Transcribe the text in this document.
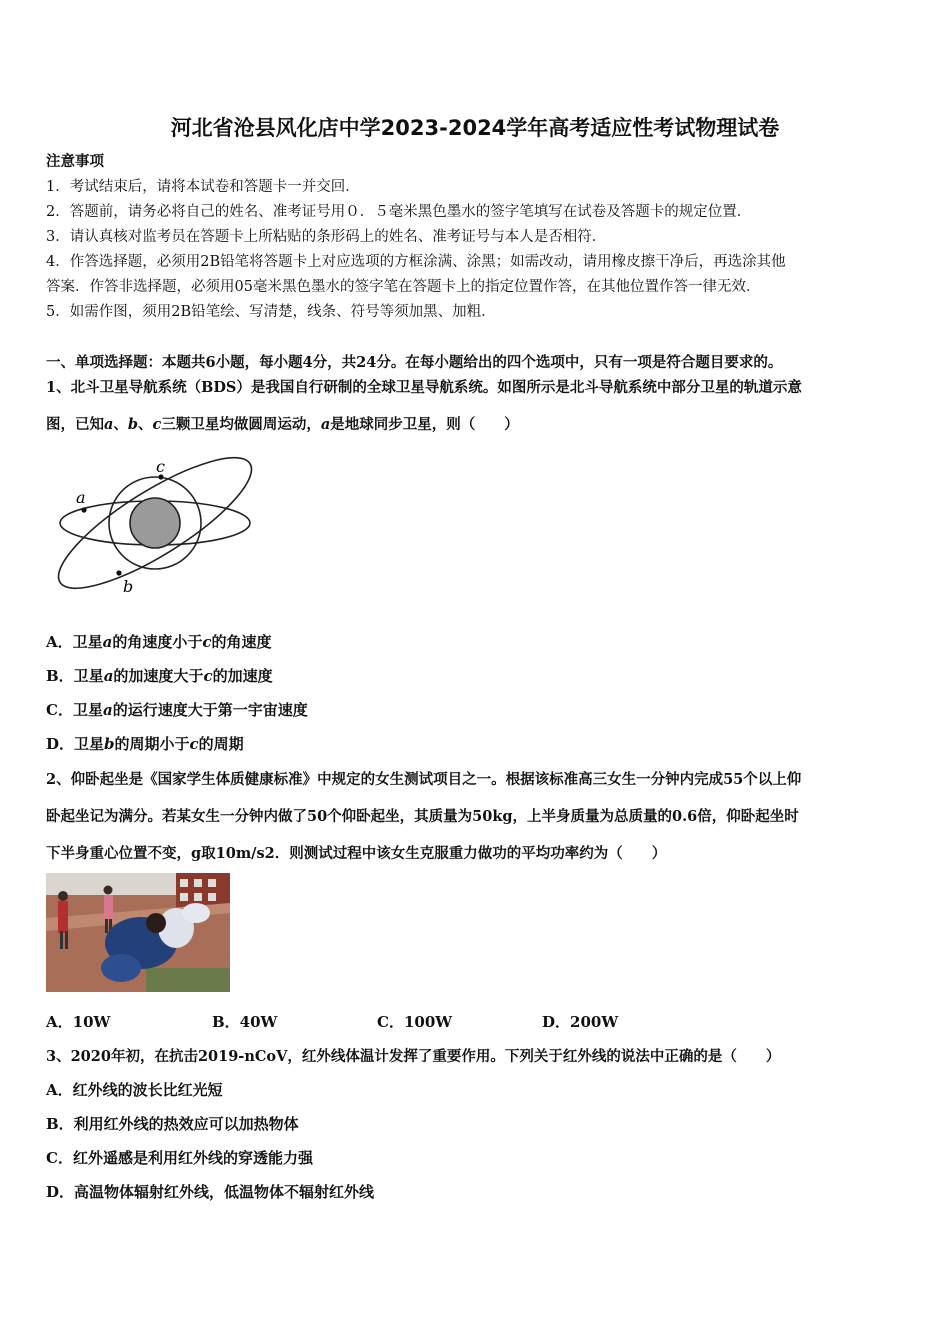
河北省沧县风化店中学2023-2024学年高考适应性考试物理试卷
注意事项
1．考试结束后，请将本试卷和答题卡一并交回．
2．答题前，请务必将自己的姓名、准考证号用０．５毫米黑色墨水的签字笔填写在试卷及答题卡的规定位置．
3．请认真核对监考员在答题卡上所粘贴的条形码上的姓名、准考证号与本人是否相符．
4．作答选择题，必须用2B铅笔将答题卡上对应选项的方框涂满、涂黑；如需改动，请用橡皮擦干净后，再选涂其他
答案．作答非选择题，必须用05毫米黑色墨水的签字笔在答题卡上的指定位置作答，在其他位置作答一律无效．
5．如需作图，须用2B铅笔绘、写清楚，线条、符号等须加黑、加粗．
一、单项选择题：本题共6小题，每小题4分，共24分。在每小题给出的四个选项中，只有一项是符合题目要求的。
1、北斗卫星导航系统（BDS）是我国自行研制的全球卫星导航系统。如图所示是北斗导航系统中部分卫星的轨道示意
图，已知a、b、c三颗卫星均做圆周运动，a是地球同步卫星，则（　　）
c
a
b
A．卫星a的角速度小于c的角速度
B．卫星a的加速度大于c的加速度
C．卫星a的运行速度大于第一宇宙速度
D．卫星b的周期小于c的周期
2、仰卧起坐是《国家学生体质健康标准》中规定的女生测试项目之一。根据该标准高三女生一分钟内完成55个以上仰
卧起坐记为满分。若某女生一分钟内做了50个仰卧起坐，其质量为50kg，上半身质量为总质量的0.6倍，仰卧起坐时
下半身重心位置不变，g取10m/s2．则测试过程中该女生克服重力做功的平均功率约为（　　）
A．10W	B．40W	C．100W	D．200W
3、2020年初，在抗击2019-nCoV，红外线体温计发挥了重要作用。下列关于红外线的说法中正确的是（　　）
A．红外线的波长比红光短
B．利用红外线的热效应可以加热物体
C．红外遥感是利用红外线的穿透能力强
D．高温物体辐射红外线，低温物体不辐射红外线
